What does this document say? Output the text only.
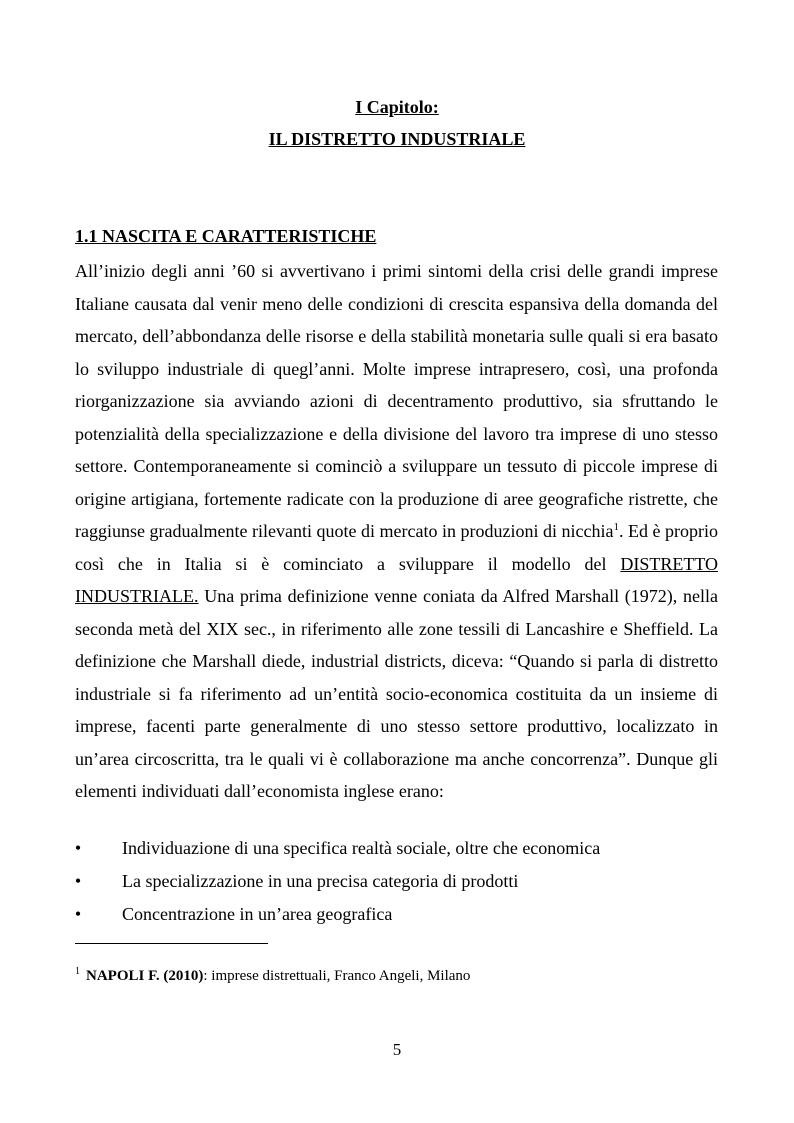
I Capitolo:
IL DISTRETTO INDUSTRIALE
1.1 NASCITA E CARATTERISTICHE

All’inizio degli anni ’60 si avvertivano i primi sintomi della crisi delle grandi imprese Italiane causata dal venir meno delle condizioni di crescita espansiva della domanda del mercato, dell’abbondanza delle risorse e della stabilità monetaria sulle quali si era basato lo sviluppo industriale di quegl’anni. Molte imprese intrapresero, così, una profonda riorganizzazione sia avviando azioni di decentramento produttivo, sia sfruttando le potenzialità della specializzazione e della divisione del lavoro tra imprese di uno stesso settore. Contemporaneamente si cominciò a sviluppare un tessuto di piccole imprese di origine artigiana, fortemente radicate con la produzione di aree geografiche ristrette, che raggiunse gradualmente rilevanti quote di mercato in produzioni di nicchia$^1$. Ed è proprio così che in Italia si è cominciato a sviluppare il modello del DISTRETTO INDUSTRIALE. Una prima definizione venne coniata da Alfred Marshall (1972), nella seconda metà del XIX sec., in riferimento alle zone tessili di Lancashire e Sheffield. La definizione che Marshall diede, industrial districts, diceva: “Quando si parla di distretto industriale si fa riferimento ad un’entità socio-economica costituita da un insieme di imprese, facenti parte generalmente di uno stesso settore produttivo, localizzato in un’area circoscritta, tra le quali vi è collaborazione ma anche concorrenza”. Dunque gli elementi individuati dall’economista inglese erano:

• Individuazione di una specifica realtà sociale, oltre che economica
• La specializzazione in una precisa categoria di prodotti
• Concentrazione in un’area geografica
$^1$ NAPOLI F. (2010): imprese distrettuali, Franco Angeli, Milano
5
